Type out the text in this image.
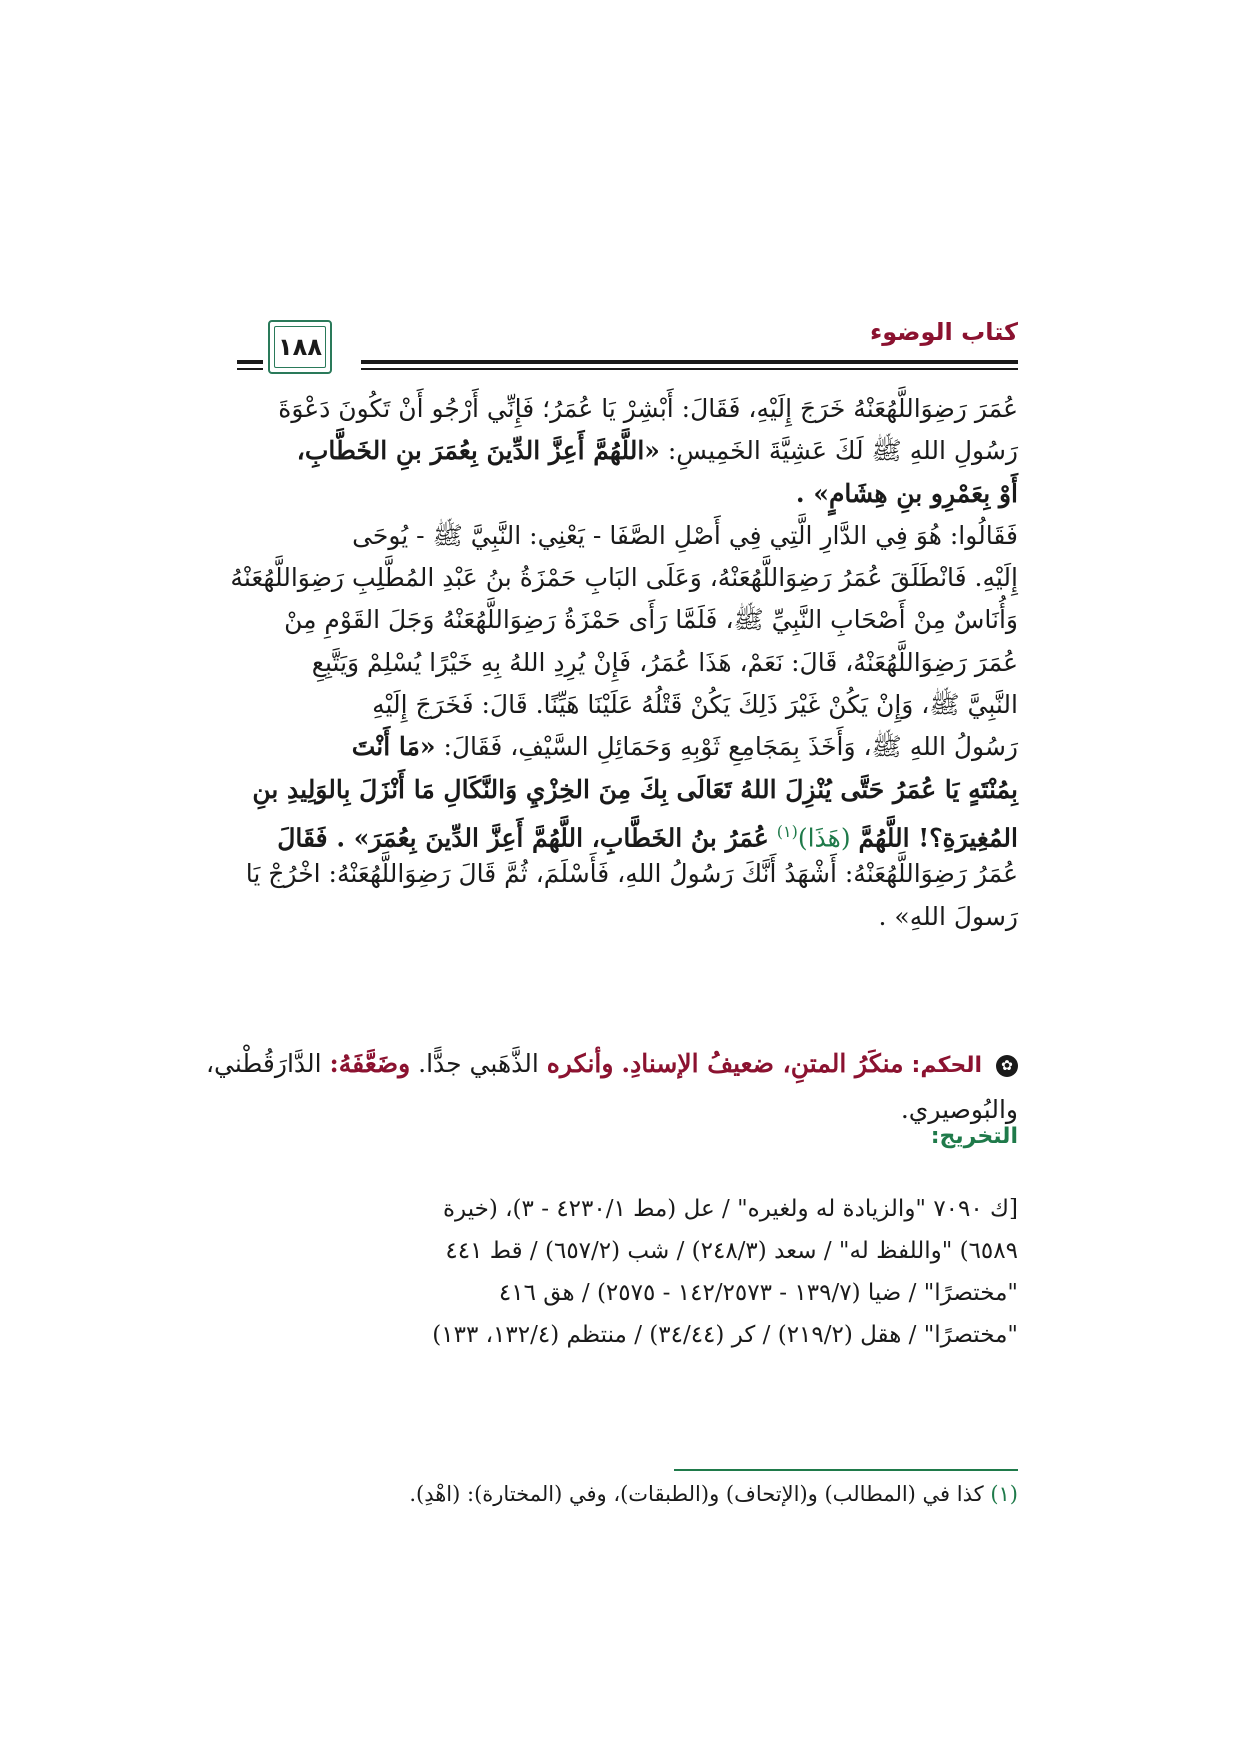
١٨٨
كتاب الوضوء
عُمَرَ رَضِوَاللَّهُعَنْهُ خَرَجَ إِلَيْهِ، فَقَالَ: أَبْشِرْ يَا عُمَرُ؛ فَإِنِّي أَرْجُو أَنْ تَكُونَ دَعْوَةَ
رَسُولِ اللهِ ﷺ لَكَ عَشِيَّةَ الخَمِيسِ: «اللَّهُمَّ أَعِزَّ الدِّينَ بِعُمَرَ بنِ الخَطَّابِ،
أَوْ بِعَمْرِو بنِ هِشَامٍ» .
فَقَالُوا: هُوَ فِي الدَّارِ الَّتِي فِي أَصْلِ الصَّفَا - يَعْنِي: النَّبِيَّ ﷺ - يُوحَى
إِلَيْهِ. فَانْطَلَقَ عُمَرُ رَضِوَاللَّهُعَنْهُ، وَعَلَى البَابِ حَمْزَةُ بنُ عَبْدِ المُطَّلِبِ رَضِوَاللَّهُعَنْهُ
وَأُنَاسٌ مِنْ أَصْحَابِ النَّبِيِّ ﷺ، فَلَمَّا رَأَى حَمْزَةُ رَضِوَاللَّهُعَنْهُ وَجَلَ القَوْمِ مِنْ
عُمَرَ رَضِوَاللَّهُعَنْهُ، قَالَ: نَعَمْ، هَذَا عُمَرُ، فَإِنْ يُرِدِ اللهُ بِهِ خَيْرًا يُسْلِمْ وَيَتَّبِعِ
النَّبِيَّ ﷺ، وَإِنْ يَكُنْ غَيْرَ ذَلِكَ يَكُنْ قَتْلُهُ عَلَيْنَا هَيِّنًا. قَالَ: فَخَرَجَ إِلَيْهِ
رَسُولُ اللهِ ﷺ، وَأَخَذَ بِمَجَامِعِ ثَوْبِهِ وَحَمَائِلِ السَّيْفِ، فَقَالَ: «مَا أَنْتَ
بِمُنْتَهٍ يَا عُمَرُ حَتَّى يُنْزِلَ اللهُ تَعَالَى بِكَ مِنَ الخِزْيِ وَالنَّكَالِ مَا أَنْزَلَ بِالوَلِيدِ بنِ
المُغِيرَةِ؟! اللَّهُمَّ (هَذَا)$^{(١)}$ عُمَرُ بنُ الخَطَّابِ، اللَّهُمَّ أَعِزَّ الدِّينَ بِعُمَرَ» . فَقَالَ
عُمَرُ رَضِوَاللَّهُعَنْهُ: أَشْهَدُ أَنَّكَ رَسُولُ اللهِ، فَأَسْلَمَ، ثُمَّ قَالَ رَضِوَاللَّهُعَنْهُ: اخْرُجْ يَا
رَسولَ اللهِ» .
✿ الحكم: منكَرُ المتنِ، ضعيفُ الإسنادِ. وأنكره الذَّهَبي جدًّا. وضَعَّفَهُ: الدَّارَقُطْني،
والبُوصيري.
التخريج:
[ك ٧٠٩٠ "والزيادة له ولغيره" / عل (مط ٤٢٣٠/١ - ٣)، (خيرة
٦٥٨٩) "واللفظ له" / سعد (٢٤٨/٣) / شب (٦٥٧/٢) / قط ٤٤١
"مختصرًا" / ضيا (١٣٩/٧ - ١٤٢/٢٥٧٣ - ٢٥٧٥) / هق ٤١٦
"مختصرًا" / هقل (٢١٩/٢) / كر (٣٤/٤٤) / منتظم (١٣٢/٤، ١٣٣)
(١) كذا في (المطالب) و(الإتحاف) و(الطبقات)، وفي (المختارة): (اهْدِ).
